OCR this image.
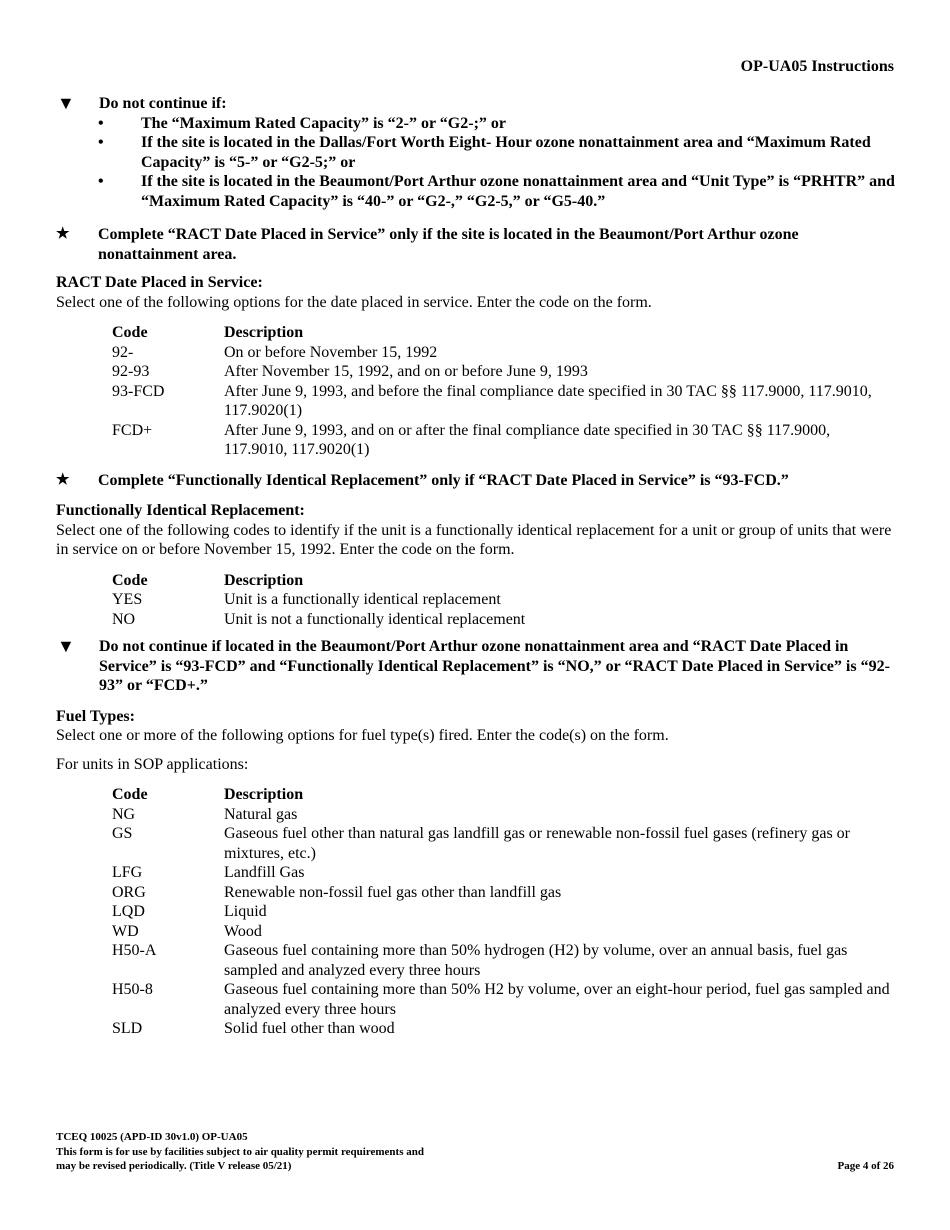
OP-UA05 Instructions
▼	Do not continue if:
•
The “Maximum Rated Capacity” is “2-” or “G2-;” or
•
If the site is located in the Dallas/Fort Worth Eight- Hour ozone nonattainment area and “Maximum Rated Capacity” is “5-” or “G2-5;” or
•
If the site is located in the Beaumont/Port Arthur ozone nonattainment area and “Unit Type” is “PRHTR” and “Maximum Rated Capacity” is “40-” or “G2-,” “G2-5,” or “G5-40.”
★	Complete “RACT Date Placed in Service” only if the site is located in the Beaumont/Port Arthur ozone nonattainment area.
RACT Date Placed in Service:

Select one of the following options for the date placed in service. Enter the code on the form.

Code	Description
92-	On or before November 15, 1992
92-93	After November 15, 1992, and on or before June 9, 1993
93-FCD	After June 9, 1993, and before the final compliance date specified in 30 TAC §§ 117.9000, 117.9010, 117.9020(1)
FCD+	After June 9, 1993, and on or after the final compliance date specified in 30 TAC §§ 117.9000, 117.9010, 117.9020(1)
★	Complete “Functionally Identical Replacement” only if “RACT Date Placed in Service” is “93-FCD.”
Functionally Identical Replacement:

Select one of the following codes to identify if the unit is a functionally identical replacement for a unit or group of units that were in service on or before November 15, 1992. Enter the code on the form.

Code	Description
YES	Unit is a functionally identical replacement
NO	Unit is not a functionally identical replacement
▼	Do not continue if located in the Beaumont/Port Arthur ozone nonattainment area and “RACT Date Placed in Service” is “93-FCD” and “Functionally Identical Replacement” is “NO,” or “RACT Date Placed in Service” is “92-93” or “FCD+.”
Fuel Types:

Select one or more of the following options for fuel type(s) fired. Enter the code(s) on the form.

For units in SOP applications:

Code	Description
NG	Natural gas
GS	Gaseous fuel other than natural gas landfill gas or renewable non-fossil fuel gases (refinery gas or mixtures, etc.)
LFG	Landfill Gas
ORG	Renewable non-fossil fuel gas other than landfill gas
LQD	Liquid
WD	Wood
H50-A	Gaseous fuel containing more than 50% hydrogen (H2) by volume, over an annual basis, fuel gas sampled and analyzed every three hours
H50-8	Gaseous fuel containing more than 50% H2 by volume, over an eight-hour period, fuel gas sampled and analyzed every three hours
SLD	Solid fuel other than wood
TCEQ 10025 (APD-ID 30v1.0) OP-UA05
This form is for use by facilities subject to air quality permit requirements and
may be revised periodically. (Title V release 05/21)	Page 4 of 26
